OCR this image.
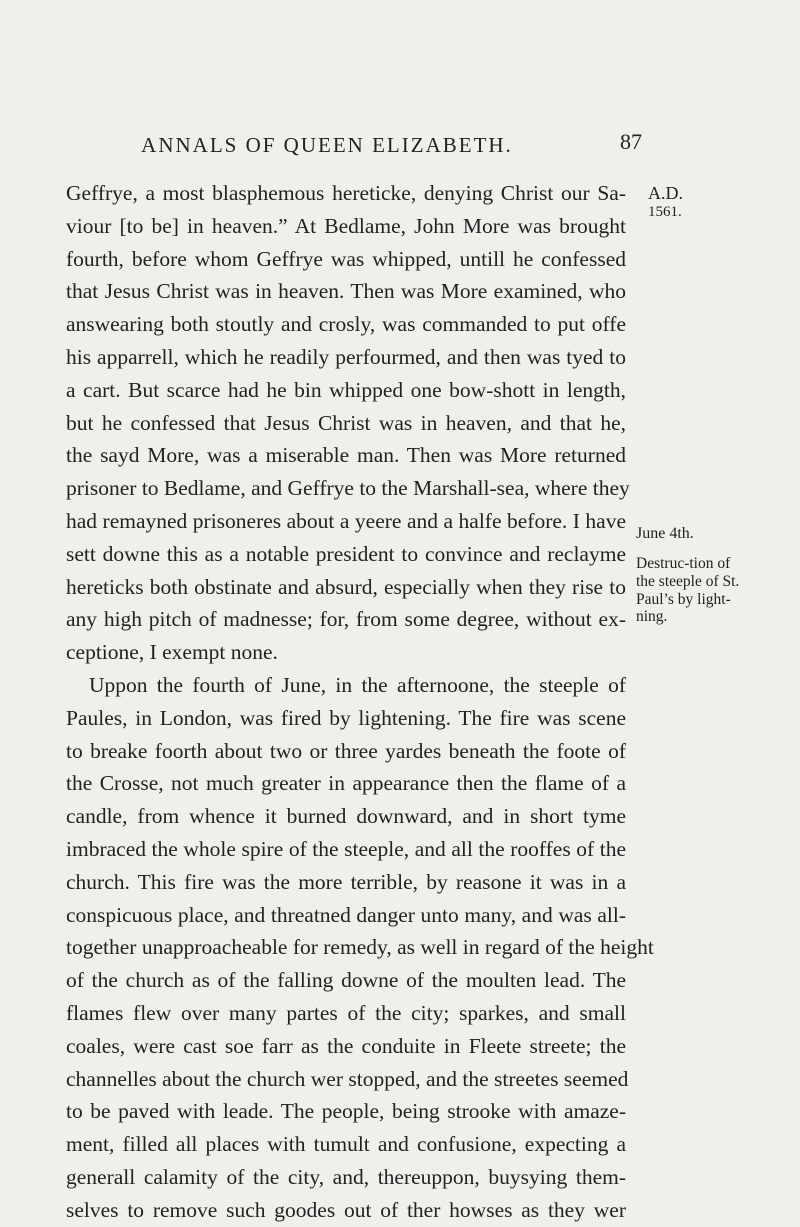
ANNALS OF QUEEN ELIZABETH.	87
Geffrye, a most blasphemous hereticke, denying Christ our Sa-
viour [to be] in heaven.” At Bedlame, John More was brought
fourth, before whom Geffrye was whipped, untill he confessed
that Jesus Christ was in heaven. Then was More examined, who
answearing both stoutly and crosly, was commanded to put offe
his apparrell, which he readily perfourmed, and then was tyed to
a cart. But scarce had he bin whipped one bow-shott in length,
but he confessed that Jesus Christ was in heaven, and that he,
the sayd More, was a miserable man. Then was More returned
prisoner to Bedlame, and Geffrye to the Marshall-sea, where they
had remayned prisoneres about a yeere and a halfe before. I have
sett downe this as a notable president to convince and reclayme
hereticks both obstinate and absurd, especially when they rise to
any high pitch of madnesse; for, from some degree, without ex-
ceptione, I exempt none.
Uppon the fourth of June, in the afternoone, the steeple of
Paules, in London, was fired by lightening. The fire was scene
to breake foorth about two or three yardes beneath the foote of
the Crosse, not much greater in appearance then the flame of a
candle, from whence it burned downward, and in short tyme
imbraced the whole spire of the steeple, and all the rooffes of the
church. This fire was the more terrible, by reasone it was in a
conspicuous place, and threatned danger unto many, and was all-
together unapproacheable for remedy, as well in regard of the height
of the church as of the falling downe of the moulten lead. The
flames flew over many partes of the city; sparkes, and small
coales, were cast soe farr as the conduite in Fleete streete; the
channelles about the church wer stopped, and the streetes seemed
to be paved with leade. The people, being strooke with amaze-
ment, filled all places with tumult and confusione, expecting a
generall calamity of the city, and, thereuppon, buysying them-
selves to remove such goodes out of ther howses as they wer
A.D.
1561.
June 4th.
Destruc-tion of the steeple of St. Paul’s by light-ning.
